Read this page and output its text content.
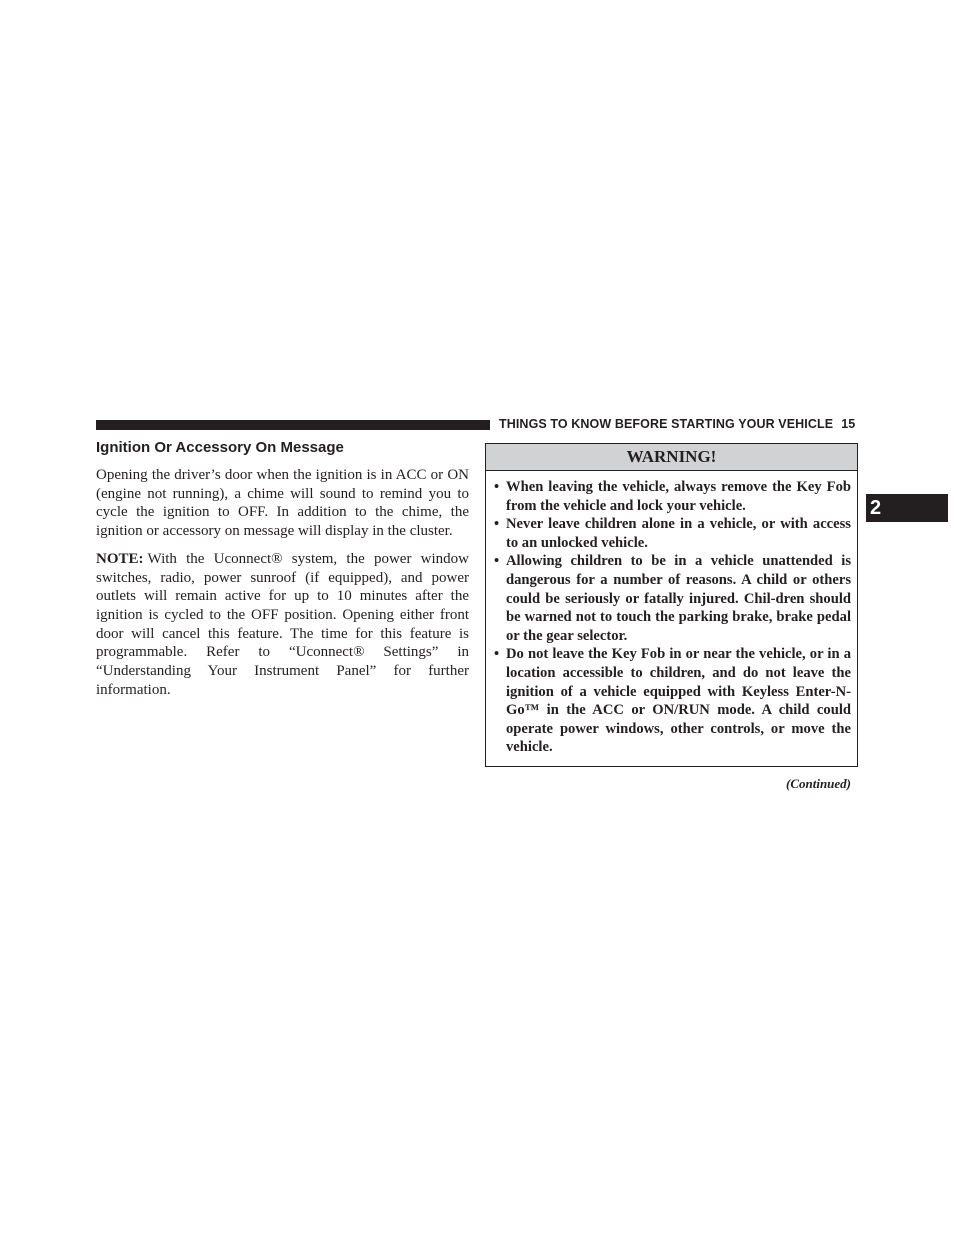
THINGS TO KNOW BEFORE STARTING YOUR VEHICLE 15
2
Ignition Or Accessory On Message

Opening the driver’s door when the ignition is in ACC or ON (engine not running), a chime will sound to remind you to cycle the ignition to OFF. In addition to the chime, the ignition or accessory on message will display in the cluster.

NOTE: With the Uconnect® system, the power window switches, radio, power sunroof (if equipped), and power outlets will remain active for up to 10 minutes after the ignition is cycled to the OFF position. Opening either front door will cancel this feature. The time for this feature is programmable. Refer to “Uconnect® Settings” in “Understanding Your Instrument Panel” for further information.

WARNING!
• When leaving the vehicle, always remove the Key Fob from the vehicle and lock your vehicle.
• Never leave children alone in a vehicle, or with access to an unlocked vehicle.
• Allowing children to be in a vehicle unattended is dangerous for a number of reasons. A child or others could be seriously or fatally injured. Chil-dren should be warned not to touch the parking brake, brake pedal or the gear selector.
• Do not leave the Key Fob in or near the vehicle, or in a location accessible to children, and do not leave the ignition of a vehicle equipped with Keyless Enter-N-Go™ in the ACC or ON/RUN mode. A child could operate power windows, other controls, or move the vehicle.
(Continued)
